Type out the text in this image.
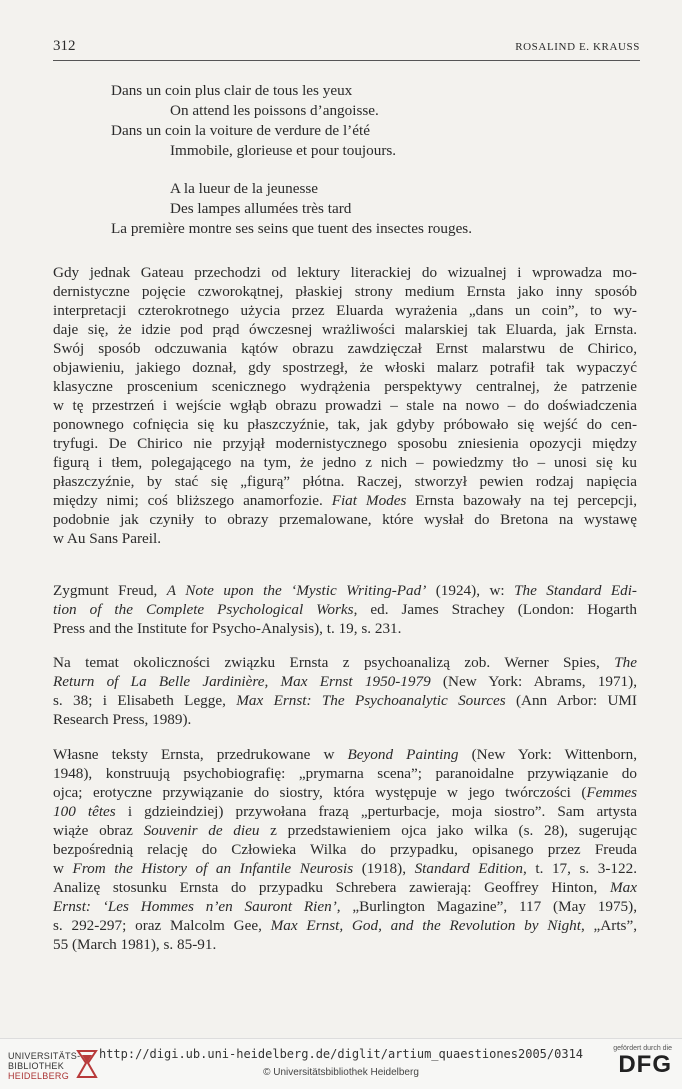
312	ROSALIND E. KRAUSS
Dans un coin plus clair de tous les yeux
On attend les poissons d’angoisse.
Dans un coin la voiture de verdure de l’été
Immobile, glorieuse et pour toujours.
A la lueur de la jeunesse
Des lampes allumées très tard
La première montre ses seins que tuent des insectes rouges.
Gdy jednak Gateau przechodzi od lektury literackiej do wizualnej i wprowadza mo-
dernistyczne pojęcie czworokątnej, płaskiej strony medium Ernsta jako inny sposób
interpretacji czterokrotnego użycia przez Eluarda wyrażenia „dans un coin”, to wy-
daje się, że idzie pod prąd ówczesnej wrażliwości malarskiej tak Eluarda, jak Ernsta.
Swój sposób odczuwania kątów obrazu zawdzięczał Ernst malarstwu de Chirico,
objawieniu, jakiego doznał, gdy spostrzegł, że włoski malarz potrafił tak wypaczyć
klasyczne proscenium scenicznego wydrążenia perspektywy centralnej, że patrzenie
w tę przestrzeń i wejście wgłąb obrazu prowadzi – stale na nowo – do doświadczenia
ponownego cofnięcia się ku płaszczyźnie, tak, jak gdyby próbowało się wejść do cen-
tryfugi. De Chirico nie przyjął modernistycznego sposobu zniesienia opozycji między
figurą i tłem, polegającego na tym, że jedno z nich – powiedzmy tło – unosi się ku
płaszczyźnie, by stać się „figurą” płótna. Raczej, stworzył pewien rodzaj napięcia
między nimi; coś bliższego anamorfozie. Fiat Modes Ernsta bazowały na tej percepcji,
podobnie jak czyniły to obrazy przemalowane, które wysłał do Bretona na wystawę
w Au Sans Pareil.
Zygmunt Freud, A Note upon the ‘Mystic Writing-Pad’ (1924), w: The Standard Edi-
tion of the Complete Psychological Works, ed. James Strachey (London: Hogarth
Press and the Institute for Psycho-Analysis), t. 19, s. 231.
Na temat okoliczności związku Ernsta z psychoanalizą zob. Werner Spies, The
Return of La Belle Jardinière, Max Ernst 1950-1979 (New York: Abrams, 1971),
s. 38; i Elisabeth Legge, Max Ernst: The Psychoanalytic Sources (Ann Arbor: UMI
Research Press, 1989).
Własne teksty Ernsta, przedrukowane w Beyond Painting (New York: Wittenborn,
1948), konstruują psychobiografię: „prymarna scena”; paranoidalne przywiązanie do
ojca; erotyczne przywiązanie do siostry, która występuje w jego twórczości (Femmes
100 têtes i gdzieindziej) przywołana frazą „perturbacje, moja siostro”. Sam artysta
wiąże obraz Souvenir de dieu z przedstawieniem ojca jako wilka (s. 28), sugerując
bezpośrednią relację do Człowieka Wilka do przypadku, opisanego przez Freuda
w From the History of an Infantile Neurosis (1918), Standard Edition, t. 17, s. 3-122.
Analizę stosunku Ernsta do przypadku Schrebera zawierają: Geoffrey Hinton, Max
Ernst: ‘Les Hommes n’en Sauront Rien’, „Burlington Magazine”, 117 (May 1975),
s. 292-297; oraz Malcolm Gee, Max Ernst, God, and the Revolution by Night, „Arts”,
55 (March 1981), s. 85-91.
UNIVERSITÄTS-
BIBLIOTHEK
HEIDELBERG
http://digi.ub.uni-heidelberg.de/diglit/artium_quaestiones2005/0314
© Universitätsbibliothek Heidelberg
gefördert durch die
DFG
